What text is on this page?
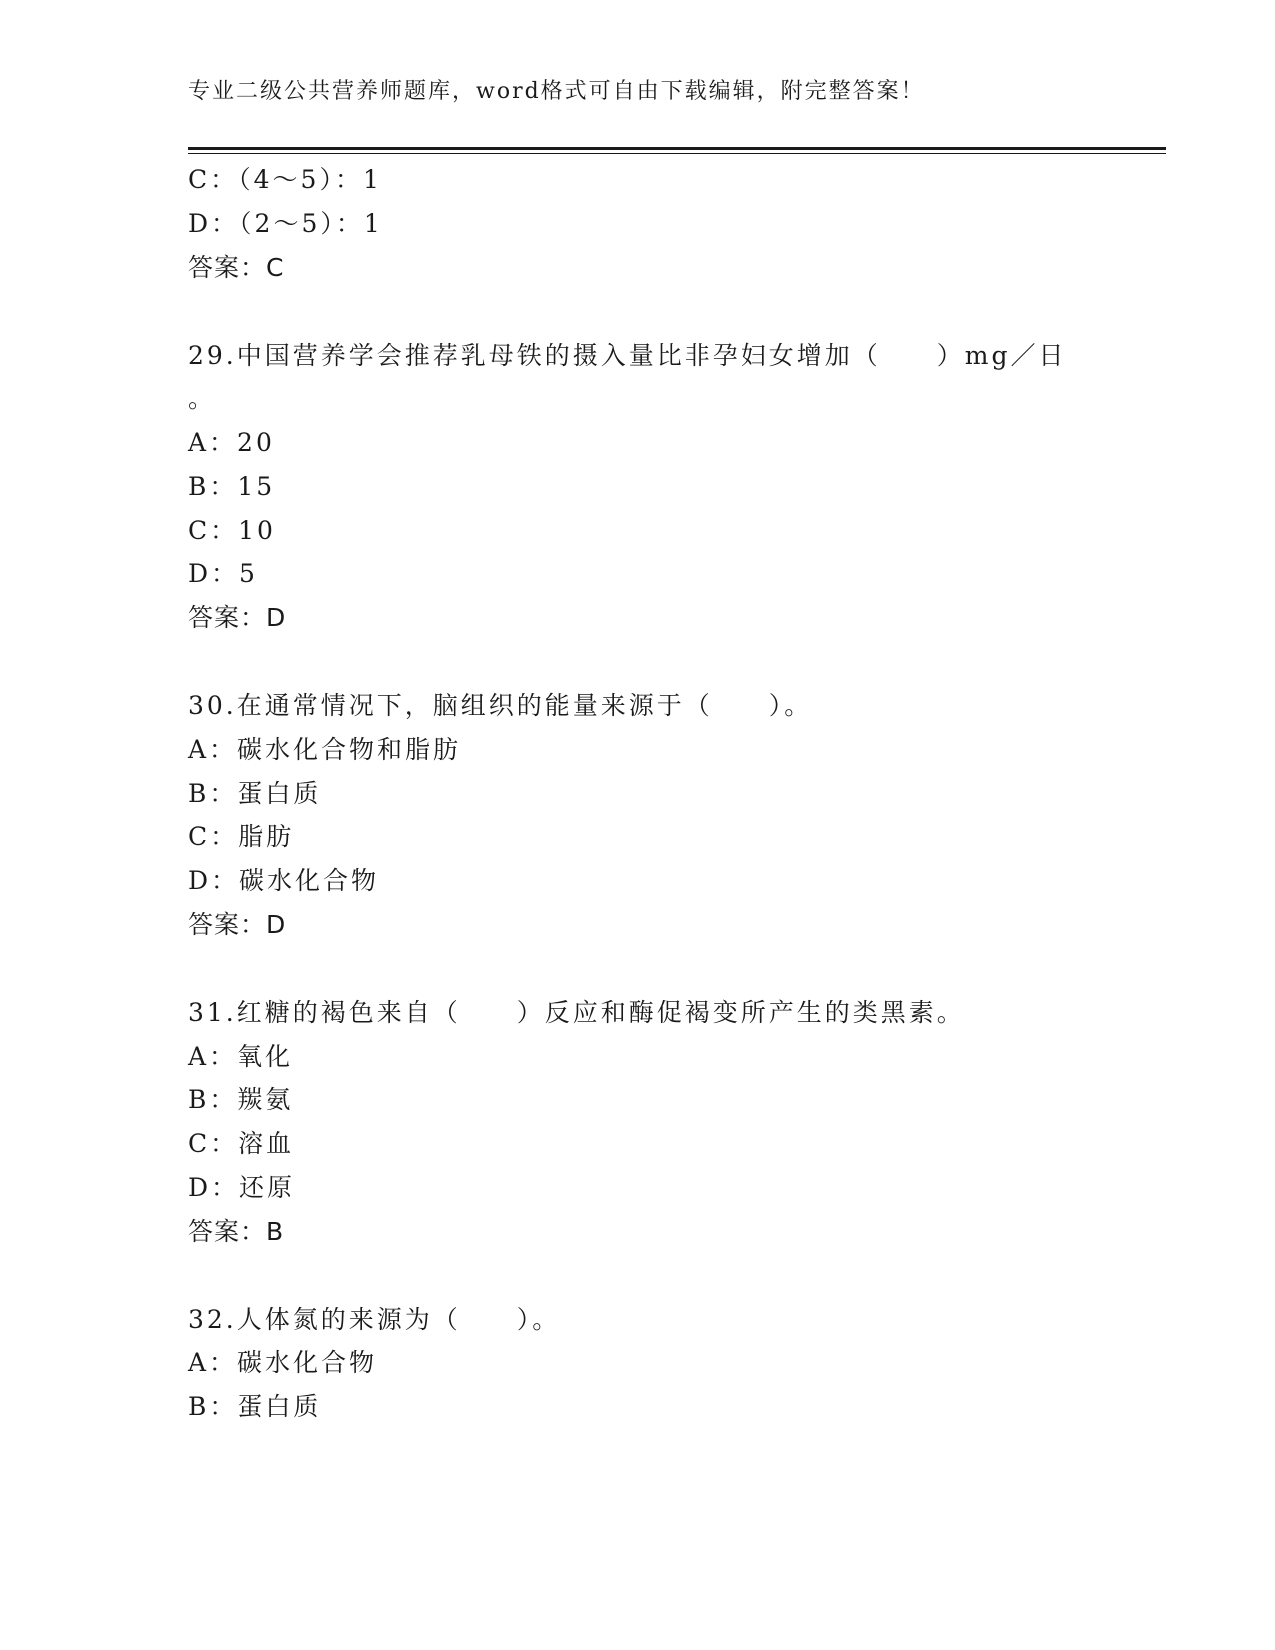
专业二级公共营养师题库，word格式可自由下载编辑，附完整答案！
C：（4～5）：1
D：（2～5）：1
答案：C
29.中国营养学会推荐乳母铁的摄入量比非孕妇女增加（　　）mg／日
。
A：20
B：15
C：10
D：5
答案：D
30.在通常情况下，脑组织的能量来源于（　　）。
A：碳水化合物和脂肪
B：蛋白质
C：脂肪
D：碳水化合物
答案：D
31.红糖的褐色来自（　　）反应和酶促褐变所产生的类黑素。
A：氧化
B：羰氨
C：溶血
D：还原
答案：B
32.人体氮的来源为（　　）。
A：碳水化合物
B：蛋白质
